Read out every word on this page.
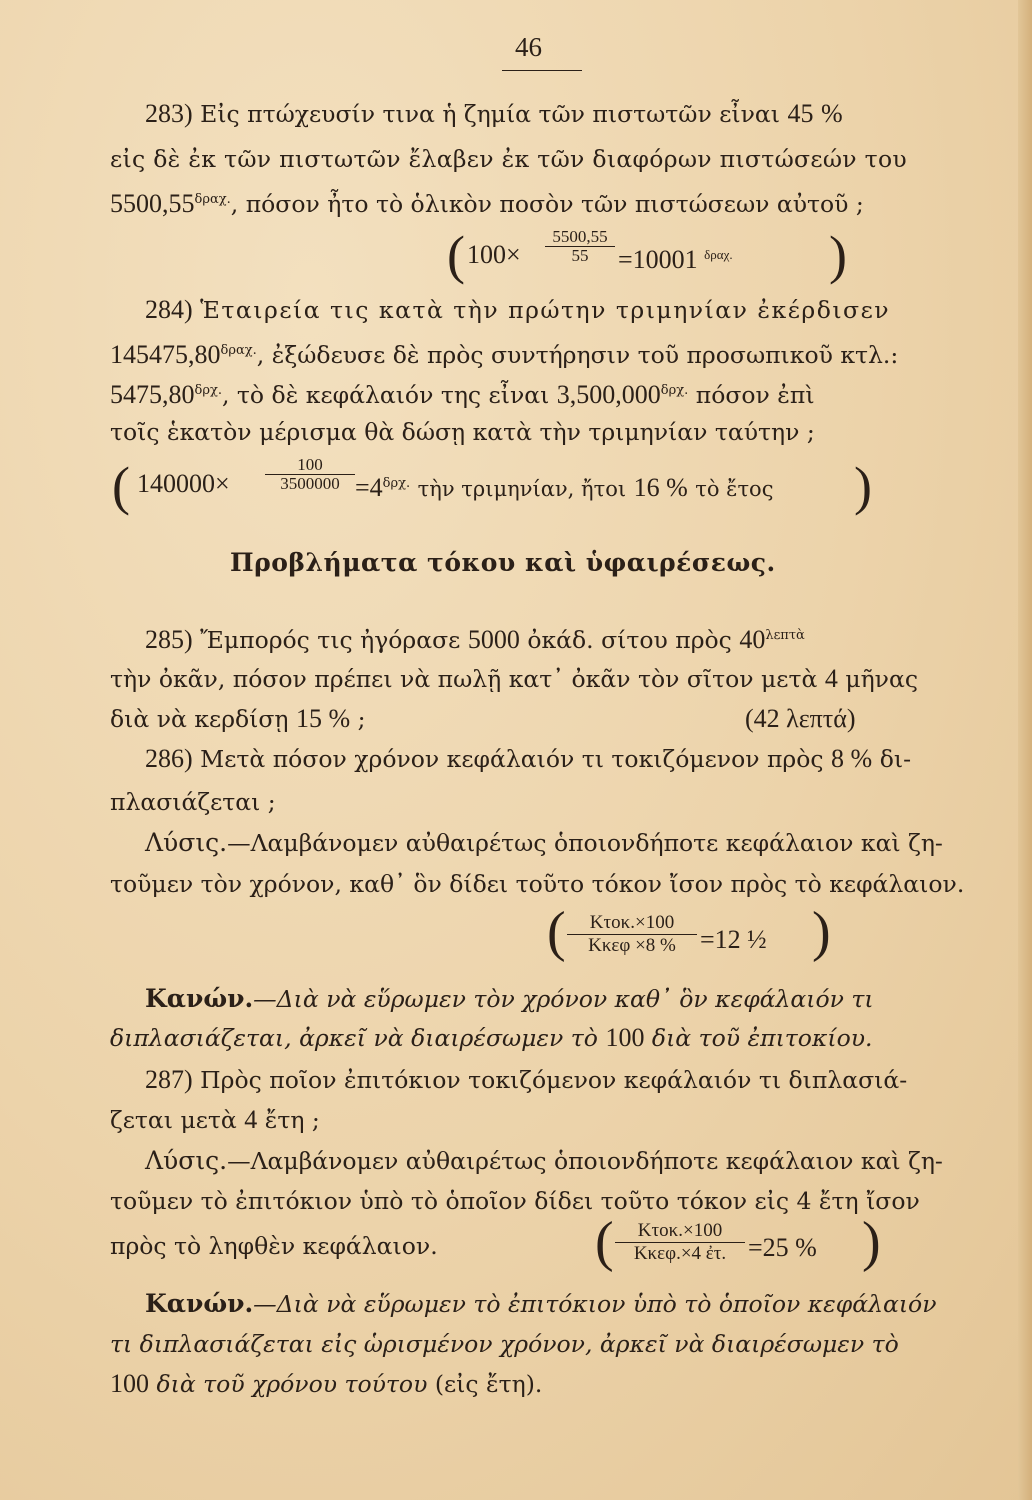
46
283) Εἰς πτώχευσίν τινα ἡ ζημία τῶν πιστωτῶν εἶναι 45 %
εἰς δὲ ἐκ τῶν πιστωτῶν ἔλαβεν ἐκ τῶν διαφόρων πιστώσεών του
$5500,55^{\delta\rho\alpha\chi.}$, πόσον ἦτο τὸ ὁλικὸν ποσὸν τῶν πιστώσεων αὐτοῦ ;
( $100\times \frac{5500,55}{55} =10001$ $^{\delta\rho\alpha\chi.}$ )
284) Ἑταιρεία τις κατὰ τὴν πρώτην τριμηνίαν ἐκέρδισεν
$145475,80^{\delta\rho\alpha\chi.}$, ἐξώδευσε δὲ πρὸς συντήρησιν τοῦ προσωπικοῦ κτλ.:
$5475,80^{\delta\rho\chi.}$, τὸ δὲ κεφάλαιόν της εἶναι $3,500,000^{\delta\rho\chi.}$ πόσον ἐπὶ
τοῖς ἑκατὸν μέρισμα θὰ δώσῃ κατὰ τὴν τριμηνίαν ταύτην ;
( $140000\times \frac{100}{3500000} =4^{\delta\rho\chi.}$ τὴν τριμηνίαν, ἤτοι 16 % τὸ ἔτος )
Προβλήματα τόκου καὶ ὑφαιρέσεως.
285) Ἔμπορός τις ἠγόρασε 5000 ὀκάδ. σίτου πρὸς $40^{\lambda\varepsilon\pi\tau ὰ}$
τὴν ὀκᾶν, πόσον πρέπει νὰ πωλῇ κατ᾽ ὀκᾶν τὸν σῖτον μετὰ 4 μῆνας
διὰ νὰ κερδίσῃ 15 % ;	(42 λεπτά)
286) Μετὰ πόσον χρόνον κεφάλαιόν τι τοκιζόμενον πρὸς 8 % δι-
πλασιάζεται ;
Λύσις.—Λαμβάνομεν αὐθαιρέτως ὁποιονδήποτε κεφάλαιον καὶ ζη-
τοῦμεν τὸν χρόνον, καθ᾽ ὃν δίδει τοῦτο τόκον ἴσον πρὸς τὸ κεφάλαιον.
(	Κτοκ.×100
Κκεφ ×8 % =12 ½ )
Κανών.—Διὰ νὰ εὕρωμεν τὸν χρόνον καθ᾽ ὃν κεφάλαιόν τι
διπλασιάζεται, ἀρκεῖ νὰ διαιρέσωμεν τὸ 100 διὰ τοῦ ἐπιτοκίου.
287) Πρὸς ποῖον ἐπιτόκιον τοκιζόμενον κεφάλαιόν τι διπλασιά-
ζεται μετὰ 4 ἔτη ;
Λύσις.—Λαμβάνομεν αὐθαιρέτως ὁποιονδήποτε κεφάλαιον καὶ ζη-
τοῦμεν τὸ ἐπιτόκιον ὑπὸ τὸ ὁποῖον δίδει τοῦτο τόκον εἰς 4 ἔτη ἴσον
πρὸς τὸ ληφθὲν κεφάλαιον.	(	Κτοκ.×100
Κκεφ.×4 ἐτ. =25 % )
Κανών.—Διὰ νὰ εὕρωμεν τὸ ἐπιτόκιον ὑπὸ τὸ ὁποῖον κεφάλαιόν
τι διπλασιάζεται εἰς ὡρισμένον χρόνον, ἀρκεῖ νὰ διαιρέσωμεν τὸ
100 διὰ τοῦ χρόνου τούτου (εἰς ἔτη).
